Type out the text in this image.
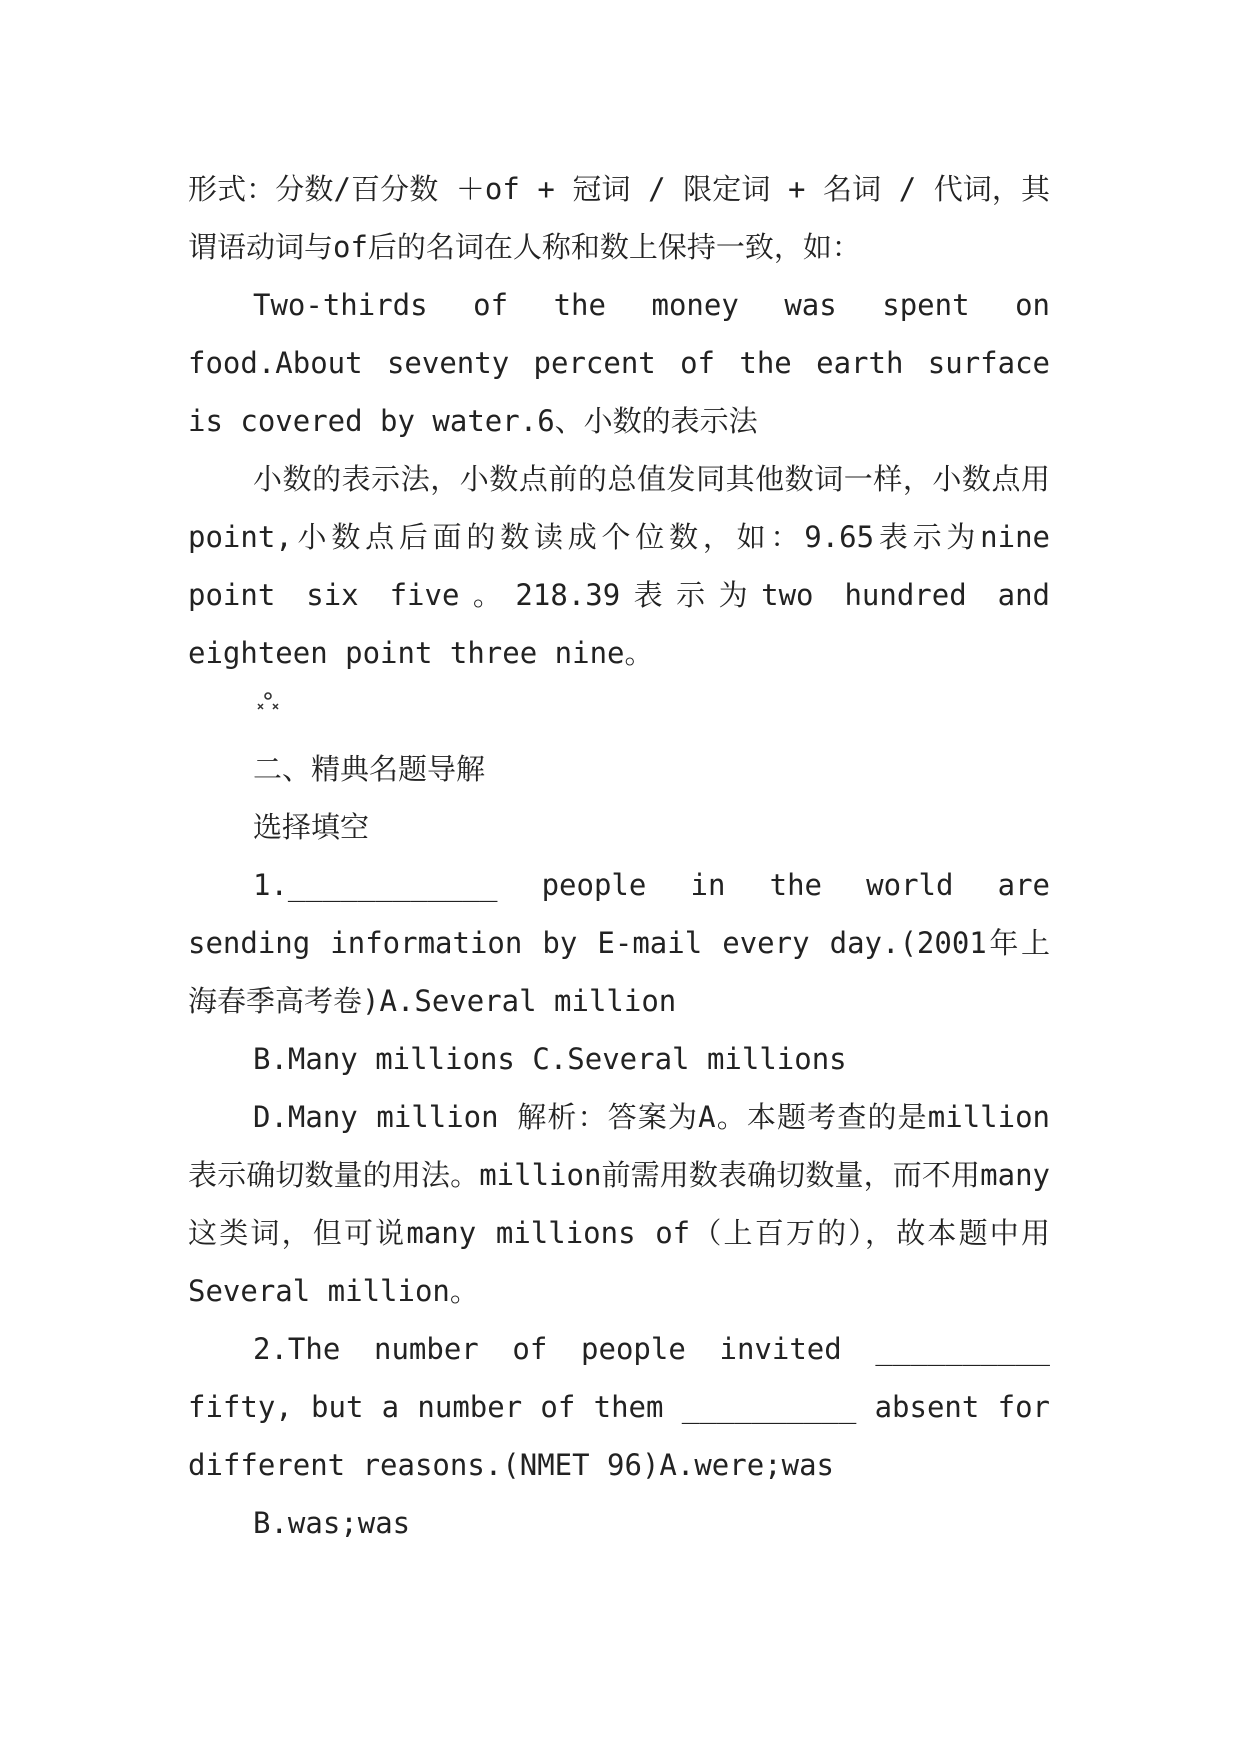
形式：分数/百分数 ＋of + 冠词 / 限定词 + 名词 / 代词，其谓语动词与of后的名词在人称和数上保持一致，如：

Two-thirds of the money was spent on food.About seventy percent of the earth surface is covered by water.6、小数的表示法

小数的表示法，小数点前的总值发同其他数词一样，小数点用point,小数点后面的数读成个位数，如：9.65表示为nine point six five。218.39表示为two hundred and eighteen point three nine。

二、精典名题导解

选择填空

1.____________ people in the world are sending information by E-mail every day.(2001年上海春季高考卷)A.Several million

B.Many millions C.Several millions

D.Many million 解析：答案为A。本题考查的是million表示确切数量的用法。million前需用数表确切数量，而不用many这类词，但可说many millions of（上百万的），故本题中用Several million。

2.The number of people invited __________ fifty, but a number of them __________ absent for different reasons.(NMET 96)A.were;was

B.was;was
